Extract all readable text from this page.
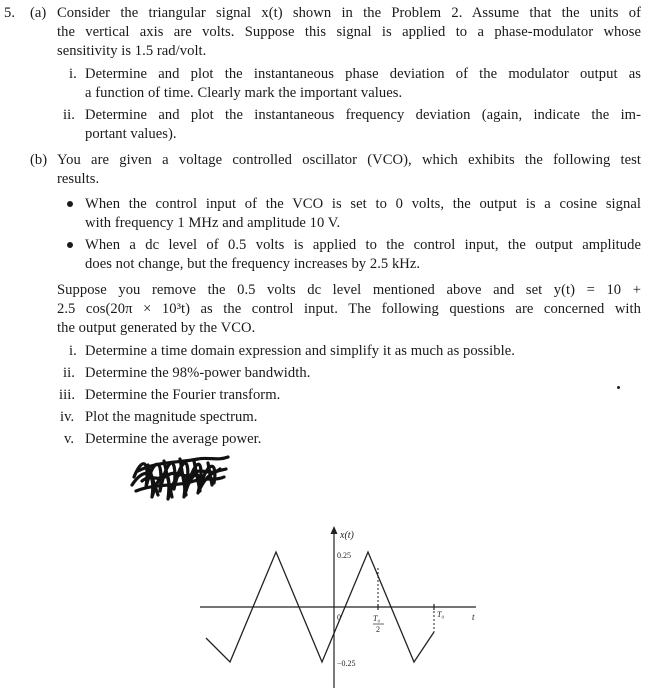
5. (a) Consider the triangular signal x(t) shown in the Problem 2. Assume that the units of
the vertical axis are volts. Suppose this signal is applied to a phase-modulator whose
sensitivity is 1.5 rad/volt.
i. Determine and plot the instantaneous phase deviation of the modulator output as
a function of time. Clearly mark the important values.
ii. Determine and plot the instantaneous frequency deviation (again, indicate the im-
portant values).
(b) You are given a voltage controlled oscillator (VCO), which exhibits the following test
results.
When the control input of the VCO is set to 0 volts, the output is a cosine signal
with frequency 1 MHz and amplitude 10 V.
When a dc level of 0.5 volts is applied to the control input, the output amplitude
does not change, but the frequency increases by 2.5 kHz.
Suppose you remove the 0.5 volts dc level mentioned above and set y(t) = 10 +
2.5 cos(20π × 10³t) as the control input. The following questions are concerned with
the output generated by the VCO.
i. Determine a time domain expression and simplify it as much as possible.
ii. Determine the 98%-power bandwidth.
iii. Determine the Fourier transform.
iv. Plot the magnitude spectrum.
v. Determine the average power.
x(t)
0.25
0
−0.25
T₀
2
T₀	t
